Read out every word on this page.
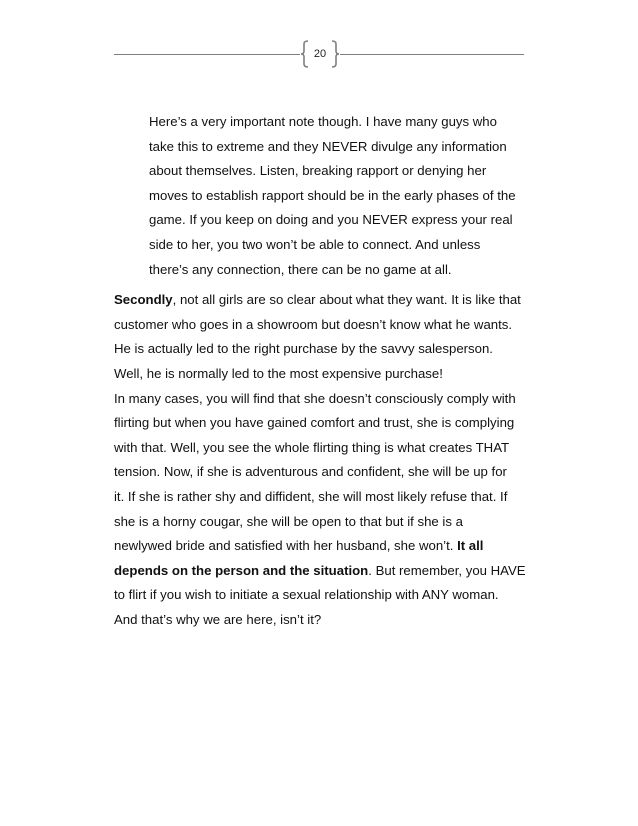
20
Here’s a very important note though. I have many guys who
take this to extreme and they NEVER divulge any information
about themselves. Listen, breaking rapport or denying her
moves to establish rapport should be in the early phases of the
game. If you keep on doing and you NEVER express your real
side to her, you two won’t be able to connect. And unless
there’s any connection, there can be no game at all.
Secondly, not all girls are so clear about what they want. It is like that
customer who goes in a showroom but doesn’t know what he wants.
He is actually led to the right purchase by the savvy salesperson.
Well, he is normally led to the most expensive purchase!
In many cases, you will find that she doesn’t consciously comply with
flirting but when you have gained comfort and trust, she is complying
with that. Well, you see the whole flirting thing is what creates THAT
tension. Now, if she is adventurous and confident, she will be up for
it. If she is rather shy and diffident, she will most likely refuse that. If
she is a horny cougar, she will be open to that but if she is a
newlywed bride and satisfied with her husband, she won’t. It all
depends on the person and the situation. But remember, you HAVE
to flirt if you wish to initiate a sexual relationship with ANY woman.
And that’s why we are here, isn’t it?
